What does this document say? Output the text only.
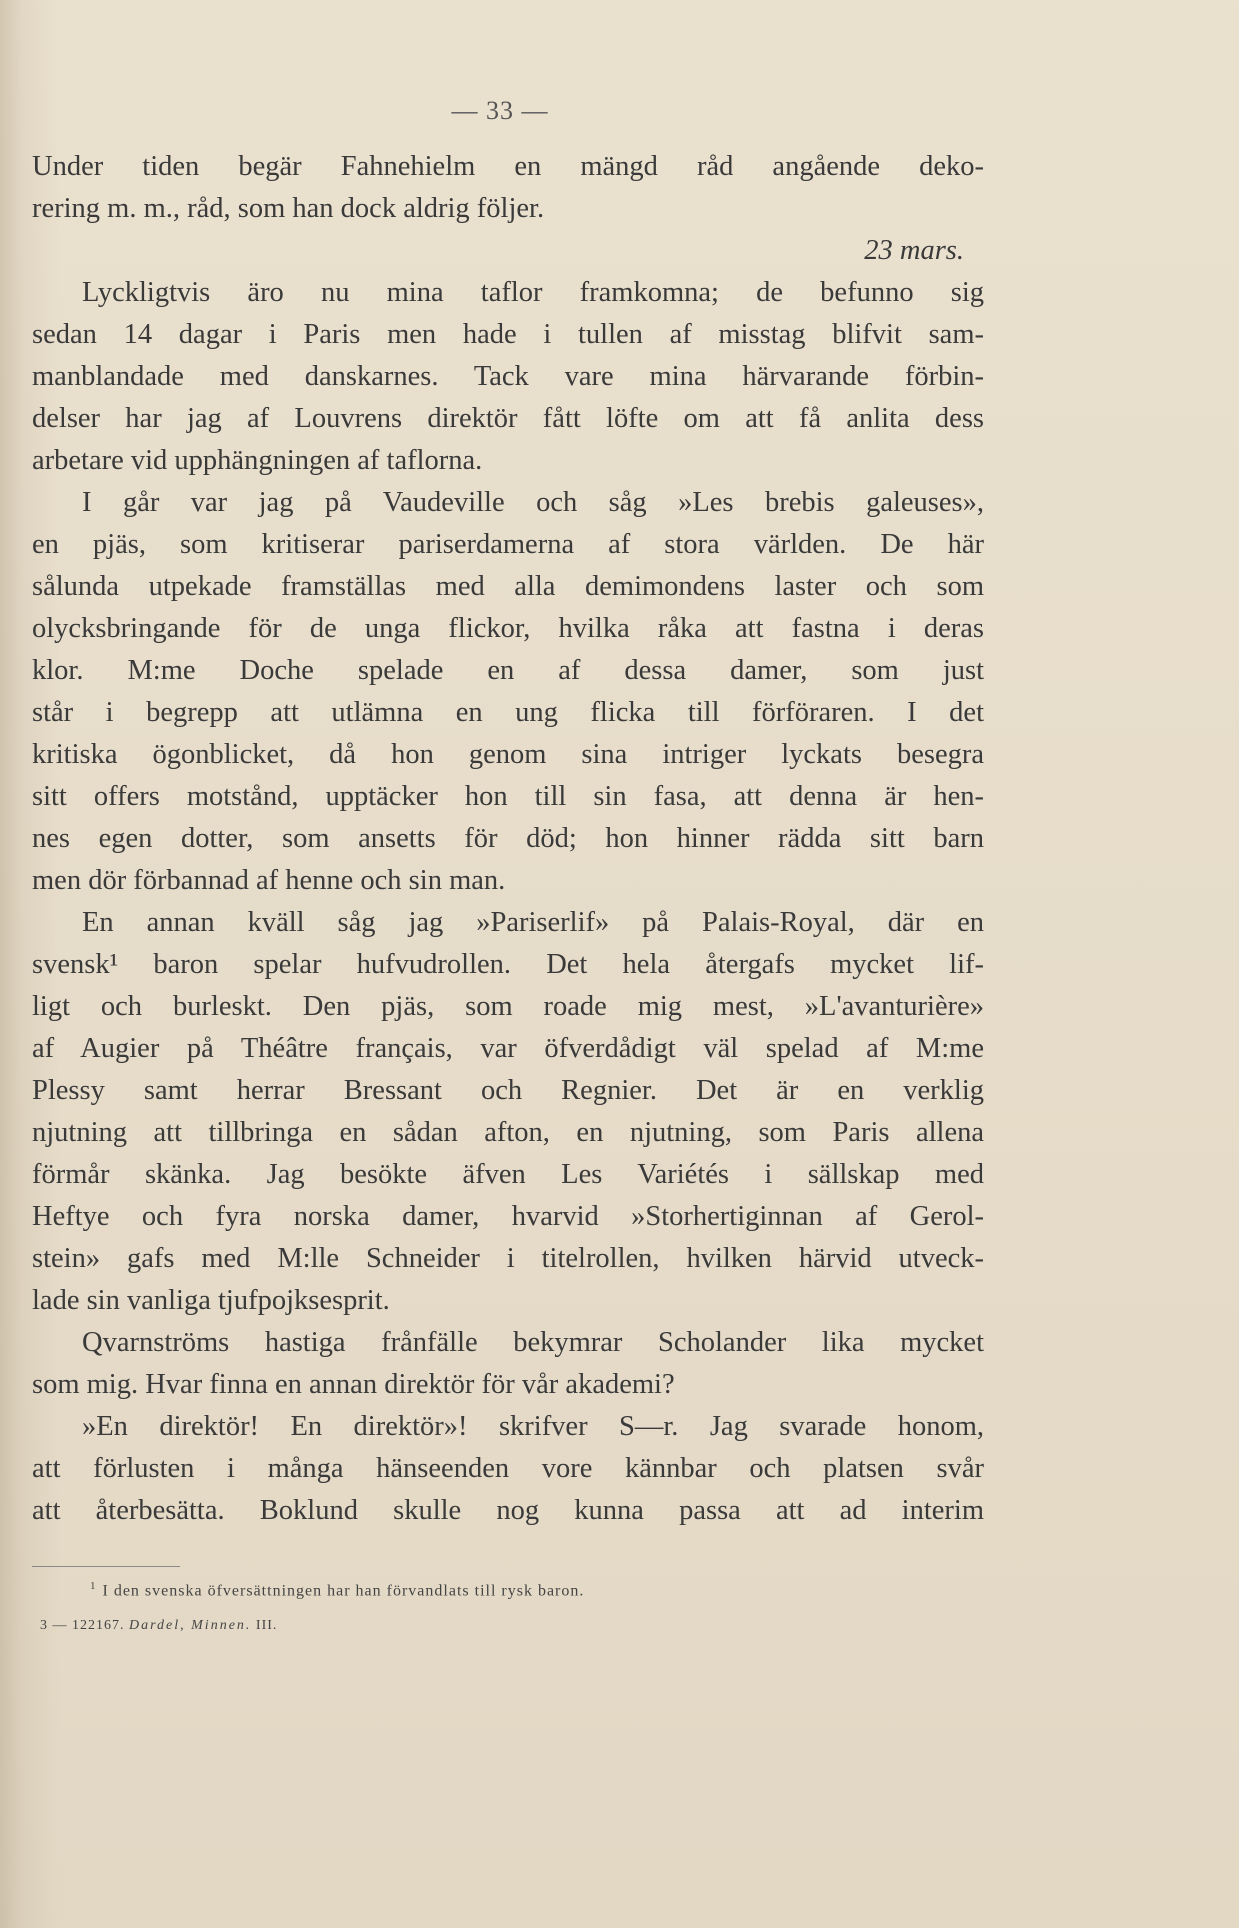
— 33 —
Under tiden begär Fahnehielm en mängd råd angående deko-
rering m. m., råd, som han dock aldrig följer.
23 mars.
Lyckligtvis äro nu mina taflor framkomna; de befunno sig
sedan 14 dagar i Paris men hade i tullen af misstag blifvit sam-
manblandade med danskarnes. Tack vare mina härvarande förbin-
delser har jag af Louvrens direktör fått löfte om att få anlita dess
arbetare vid upphängningen af taflorna.
I går var jag på Vaudeville och såg »Les brebis galeuses»,
en pjäs, som kritiserar pariserdamerna af stora världen. De här
sålunda utpekade framställas med alla demimondens laster och som
olycksbringande för de unga flickor, hvilka råka att fastna i deras
klor. M:me Doche spelade en af dessa damer, som just
står i begrepp att utlämna en ung flicka till förföraren. I det
kritiska ögonblicket, då hon genom sina intriger lyckats besegra
sitt offers motstånd, upptäcker hon till sin fasa, att denna är hen-
nes egen dotter, som ansetts för död; hon hinner rädda sitt barn
men dör förbannad af henne och sin man.
En annan kväll såg jag »Pariserlif» på Palais-Royal, där en
svensk¹ baron spelar hufvudrollen. Det hela återgafs mycket lif-
ligt och burleskt. Den pjäs, som roade mig mest, »L'avanturière»
af Augier på Théâtre français, var öfverdådigt väl spelad af M:me
Plessy samt herrar Bressant och Regnier. Det är en verklig
njutning att tillbringa en sådan afton, en njutning, som Paris allena
förmår skänka. Jag besökte äfven Les Variétés i sällskap med
Heftye och fyra norska damer, hvarvid »Storhertiginnan af Gerol-
stein» gafs med M:lle Schneider i titelrollen, hvilken härvid utveck-
lade sin vanliga tjufpojksesprit.
Qvarnströms hastiga frånfälle bekymrar Scholander lika mycket
som mig. Hvar finna en annan direktör för vår akademi?
»En direktör! En direktör»! skrifver S—r. Jag svarade honom,
att förlusten i många hänseenden vore kännbar och platsen svår
att återbesätta. Boklund skulle nog kunna passa att ad interim
$^1$ I den svenska öfversättningen har han förvandlats till rysk baron.
3 — 122167. Dardel, Minnen. III.
